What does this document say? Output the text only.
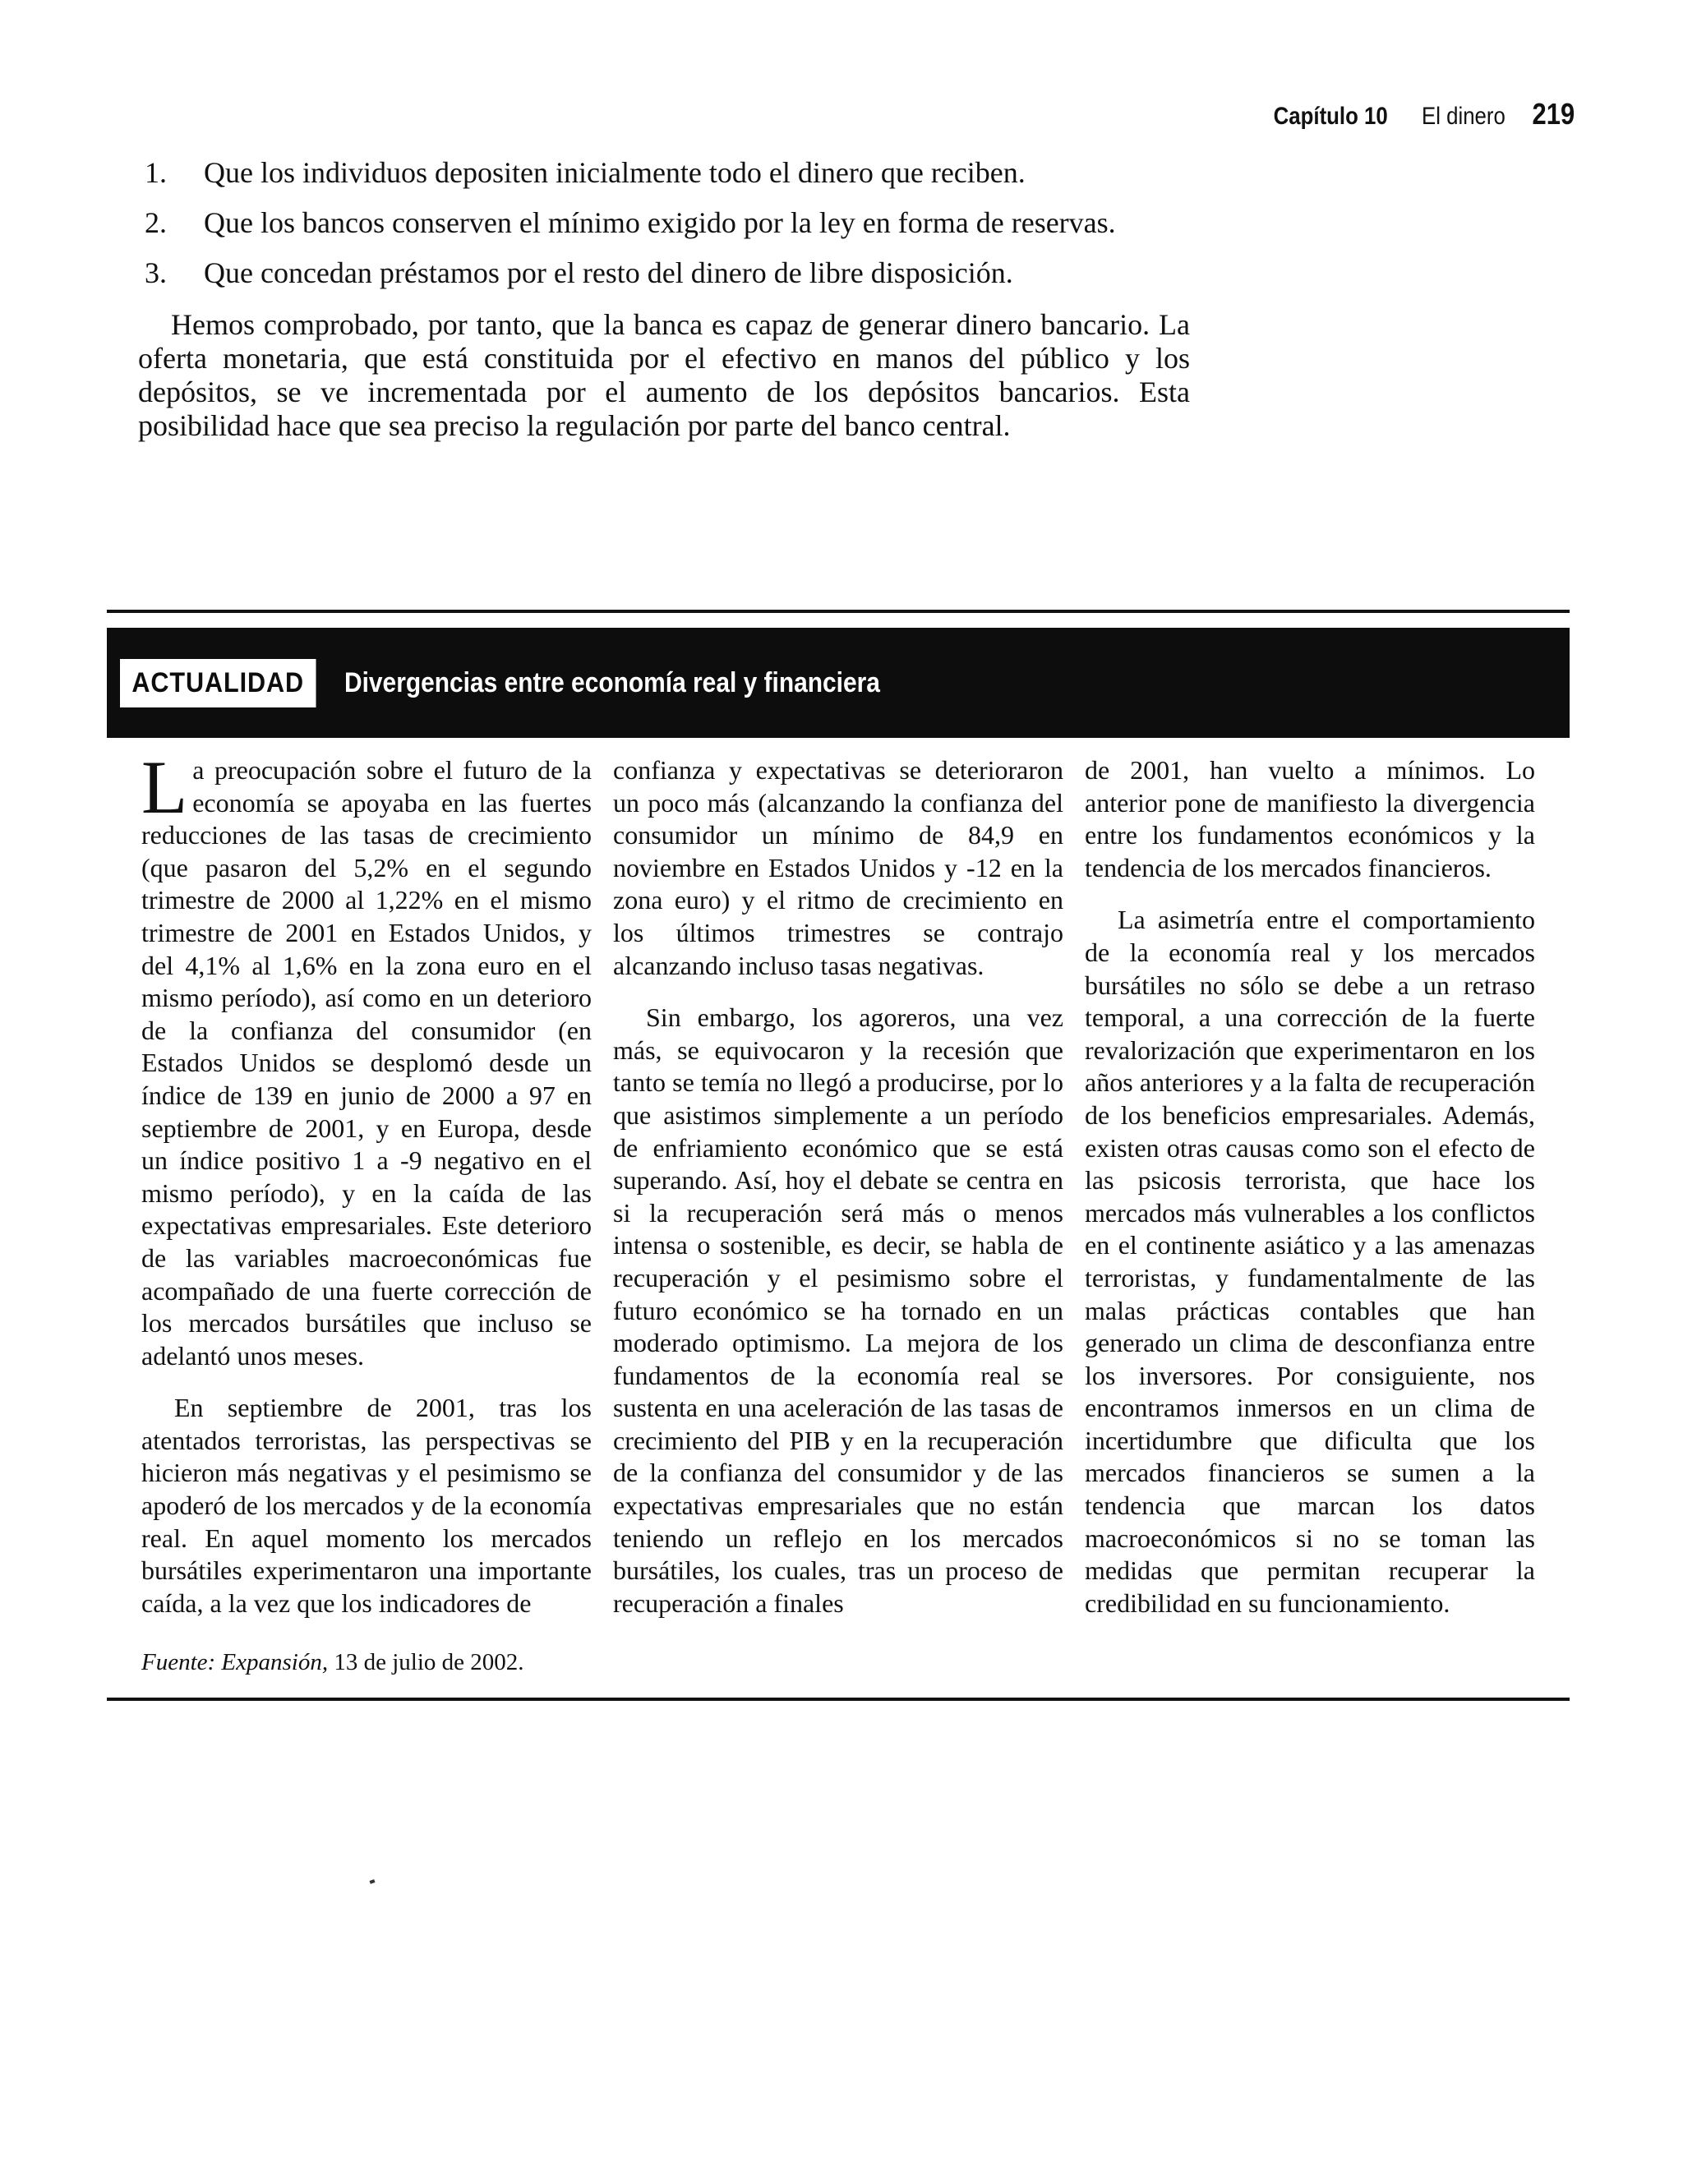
Capítulo 10 El dinero 219
1.	Que los individuos depositen inicialmente todo el dinero que reciben.
2.	Que los bancos conserven el mínimo exigido por la ley en forma de reservas.
3.	Que concedan préstamos por el resto del dinero de libre disposición.

Hemos comprobado, por tanto, que la banca es capaz de generar dinero bancario. La oferta monetaria, que está constituida por el efectivo en manos del público y los depósitos, se ve incrementada por el aumento de los depósitos bancarios. Esta posibilidad hace que sea preciso la regulación por parte del banco central.

ACTUALIDAD	Divergencias entre economía real y financiera

La preocupación sobre el futuro de la economía se apoyaba en las fuertes reducciones de las tasas de crecimiento (que pasaron del 5,2% en el segundo trimestre de 2000 al 1,22% en el mismo trimestre de 2001 en Estados Unidos, y del 4,1% al 1,6% en la zona euro en el mismo período), así como en un deterioro de la confianza del consumidor (en Estados Unidos se desplomó desde un índice de 139 en junio de 2000 a 97 en septiembre de 2001, y en Europa, desde un índice positivo 1 a -9 negativo en el mismo período), y en la caída de las expectativas empresariales. Este deterioro de las variables macroeconómicas fue acompañado de una fuerte corrección de los mercados bursátiles que incluso se adelantó unos meses.

En septiembre de 2001, tras los atentados terroristas, las perspectivas se hicieron más negativas y el pesimismo se apoderó de los mercados y de la economía real. En aquel momento los mercados bursátiles experimentaron una importante caída, a la vez que los indicadores de

confianza y expectativas se deterioraron un poco más (alcanzando la confianza del consumidor un mínimo de 84,9 en noviembre en Estados Unidos y -12 en la zona euro) y el ritmo de crecimiento en los últimos trimestres se contrajo alcanzando incluso tasas negativas.

Sin embargo, los agoreros, una vez más, se equivocaron y la recesión que tanto se temía no llegó a producirse, por lo que asistimos simplemente a un período de enfriamiento económico que se está superando. Así, hoy el debate se centra en si la recuperación será más o menos intensa o sostenible, es decir, se habla de recuperación y el pesimismo sobre el futuro económico se ha tornado en un moderado optimismo. La mejora de los fundamentos de la economía real se sustenta en una aceleración de las tasas de crecimiento del PIB y en la recuperación de la confianza del consumidor y de las expectativas empresariales que no están teniendo un reflejo en los mercados bursátiles, los cuales, tras un proceso de recuperación a finales

de 2001, han vuelto a mínimos. Lo anterior pone de manifiesto la divergencia entre los fundamentos económicos y la tendencia de los mercados financieros.

La asimetría entre el comportamiento de la economía real y los mercados bursátiles no sólo se debe a un retraso temporal, a una corrección de la fuerte revalorización que experimentaron en los años anteriores y a la falta de recuperación de los beneficios empresariales. Además, existen otras causas como son el efecto de las psicosis terrorista, que hace los mercados más vulnerables a los conflictos en el continente asiático y a las amenazas terroristas, y fundamentalmente de las malas prácticas contables que han generado un clima de desconfianza entre los inversores. Por consiguiente, nos encontramos inmersos en un clima de incertidumbre que dificulta que los mercados financieros se sumen a la tendencia que marcan los datos macroeconómicos si no se toman las medidas que permitan recuperar la credibilidad en su funcionamiento.

Fuente: Expansión, 13 de julio de 2002.
